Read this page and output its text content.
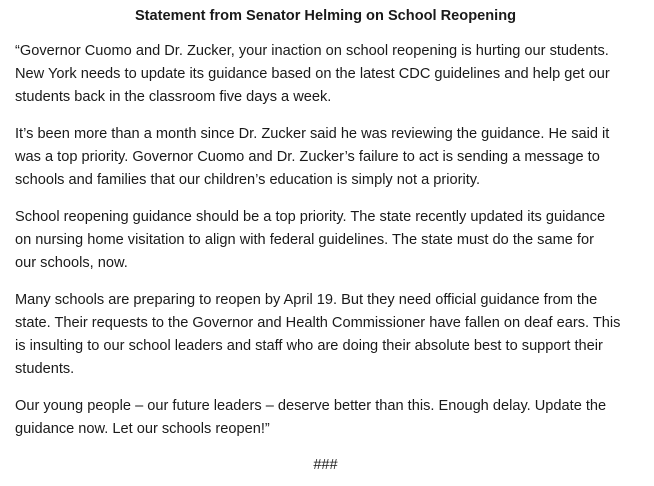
Statement from Senator Helming on School Reopening
“Governor Cuomo and Dr. Zucker, your inaction on school reopening is hurting our students.
New York needs to update its guidance based on the latest CDC guidelines and help get our
students back in the classroom five days a week.
It’s been more than a month since Dr. Zucker said he was reviewing the guidance. He said it
was a top priority. Governor Cuomo and Dr. Zucker’s failure to act is sending a message to
schools and families that our children’s education is simply not a priority.
School reopening guidance should be a top priority. The state recently updated its guidance
on nursing home visitation to align with federal guidelines. The state must do the same for
our schools, now.
Many schools are preparing to reopen by April 19. But they need official guidance from the
state. Their requests to the Governor and Health Commissioner have fallen on deaf ears. This
is insulting to our school leaders and staff who are doing their absolute best to support their
students.
Our young people – our future leaders – deserve better than this. Enough delay. Update the
guidance now. Let our schools reopen!”
###
